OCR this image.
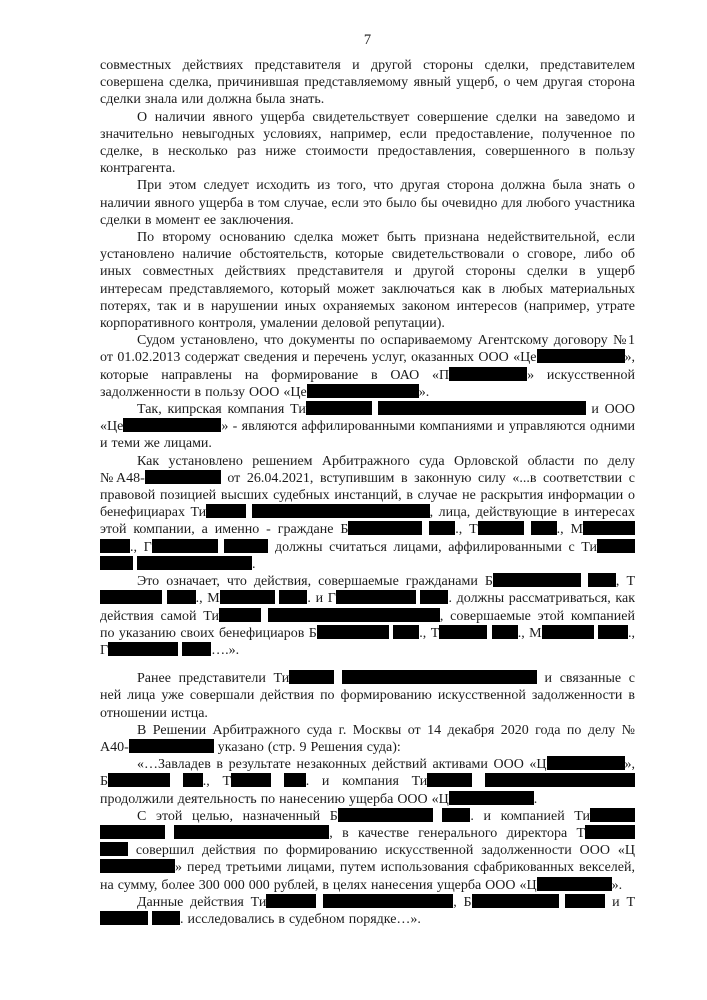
7

совместных действиях представителя и другой стороны сделки, представителем совершена сделка, причинившая представляемому явный ущерб, о чем другая сторона сделки знала или должна была знать.

О наличии явного ущерба свидетельствует совершение сделки на заведомо и значительно невыгодных условиях, например, если предоставление, полученное по сделке, в несколько раз ниже стоимости предоставления, совершенного в пользу контрагента.

При этом следует исходить из того, что другая сторона должна была знать о наличии явного ущерба в том случае, если это было бы очевидно для любого участника сделки в момент ее заключения.

По второму основанию сделка может быть признана недействительной, если установлено наличие обстоятельств, которые свидетельствовали о сговоре, либо об иных совместных действиях представителя и другой стороны сделки в ущерб интересам представляемого, который может заключаться как в любых материальных потерях, так и в нарушении иных охраняемых законом интересов (например, утрате корпоративного контроля, умалении деловой репутации).

Судом установлено, что документы по оспариваемому Агентскому договору №1 от 01.02.2013 содержат сведения и перечень услуг, оказанных ООО «Це	», которые направлены на формирование в ОАО «П	» искусственной задолженности в пользу ООО «Це	».

Так, кипрская компания Ти	и ООО «Це	» - являются аффилированными компаниями и управляются одними и теми же лицами.

Как установлено решением Арбитражного суда Орловской области по делу №А48-	от 26.04.2021, вступившим в законную силу «...в соответствии с правовой позицией высших судебных инстанций, в случае не раскрытия информации о бенефициарах Ти	, лица, действующие в интересах этой компании, а именно - граждане Б	., Т	., М ., Г	должны считаться лицами, аффилированными с Ти  .

Это означает, что действия, совершаемые гражданами Б	, Т ., М	. и Г	. должны рассматриваться, как действия самой Ти	, совершаемые этой компанией по указанию своих бенефициаров Б	., Т	., М	., Г	….».

Ранее представители Ти	и связанные с ней лица уже совершали действия по формированию искусственной задолженности в отношении истца.

В Решении Арбитражного суда г. Москвы от 14 декабря 2020 года по делу № А40-	указано (стр. 9 Решения суда):

«…Завладев в результате незаконных действий активами ООО «Ц	», Б	., Т	. и компания Ти  продолжили деятельность по нанесению ущерба ООО «Ц	.

С этой целью, назначенный Б	. и компанией Ти  , в качестве генерального директора Т  совершил действия по формированию искусственной задолженности ООО «Ц» перед третьими лицами, путем использования сфабрикованных векселей, на сумму, более 300 000 000 рублей, в целях нанесения ущерба ООО «Ц	».

Данные действия Ти	, Б	и Т . исследовались в судебном порядке…».
